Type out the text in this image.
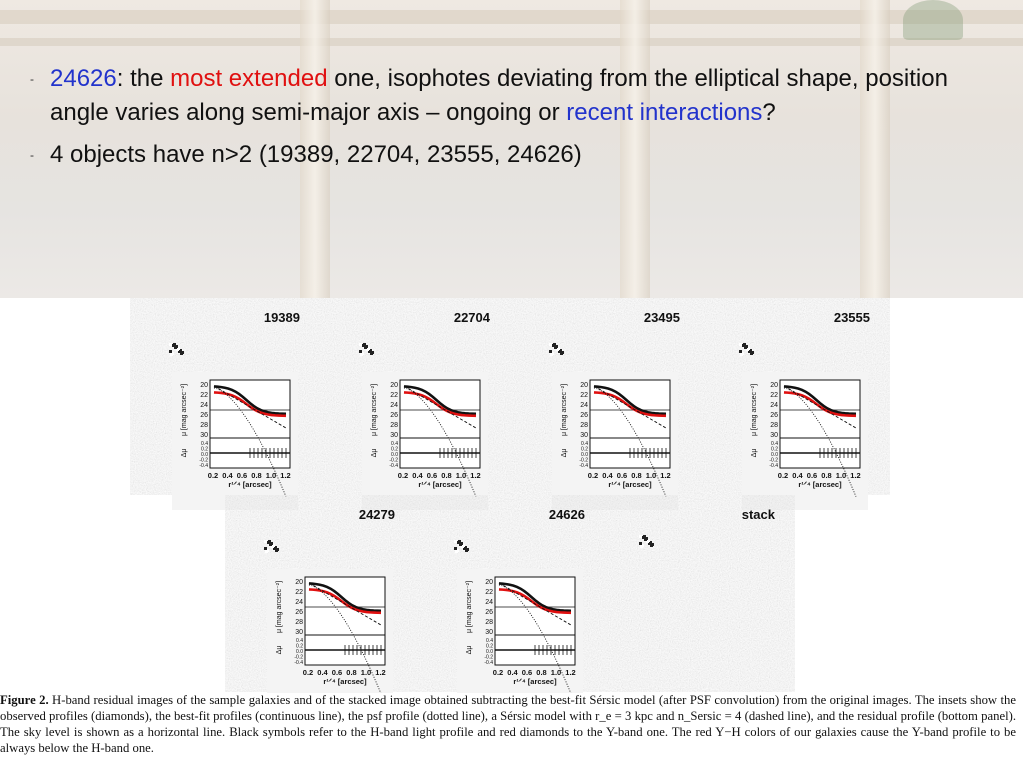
- 24626: the most extended one, isophotes deviating from the elliptical shape, position angle varies along semi-major axis – ongoing or recent interactions?
- 4 objects have n>2 (19389, 22704, 23555, 24626)
19389
20
22
24
26
28
30
0.4
0.2
0.0
-0.2
-0.4
μ [mag arcsec⁻²]
Δμ
0.2 0.4 0.6 0.8 1.0 1.2
r¹ᐟ⁴ [arcsec]
22704
20
22
24
26
28
30
0.4
0.2
0.0
-0.2
-0.4
μ [mag arcsec⁻²]
Δμ
0.2 0.4 0.6 0.8 1.0 1.2
r¹ᐟ⁴ [arcsec]
23495
20
22
24
26
28
30
0.4
0.2
0.0
-0.2
-0.4
μ [mag arcsec⁻²]
Δμ
0.2 0.4 0.6 0.8 1.0 1.2
r¹ᐟ⁴ [arcsec]
23555
20
22
24
26
28
30
0.4
0.2
0.0
-0.2
-0.4
μ [mag arcsec⁻²]
Δμ
0.2 0.4 0.6 0.8 1.0 1.2
r¹ᐟ⁴ [arcsec]
24279
20
22
24
26
28
30
0.4
0.2
0.0
-0.2
-0.4
μ [mag arcsec⁻²]
Δμ
0.2 0.4 0.6 0.8 1.0 1.2
r¹ᐟ⁴ [arcsec]
24626
20
22
24
26
28
30
0.4
0.2
0.0
-0.2
-0.4
μ [mag arcsec⁻²]
Δμ
0.2 0.4 0.6 0.8 1.0 1.2
r¹ᐟ⁴ [arcsec]
stack
Figure 2. H-band residual images of the sample galaxies and of the stacked image obtained subtracting the best-fit Sérsic model (after PSF convolution) from the original images. The insets show the observed profiles (diamonds), the best-fit profiles (continuous line), the psf profile (dotted line), a Sérsic model with r_e = 3 kpc and n_Sersic = 4 (dashed line), and the residual profile (bottom panel). The sky level is shown as a horizontal line. Black symbols refer to the H-band light profile and red diamonds to the Y-band one. The red Y−H colors of our galaxies cause the Y-band profile to be always below the H-band one.
